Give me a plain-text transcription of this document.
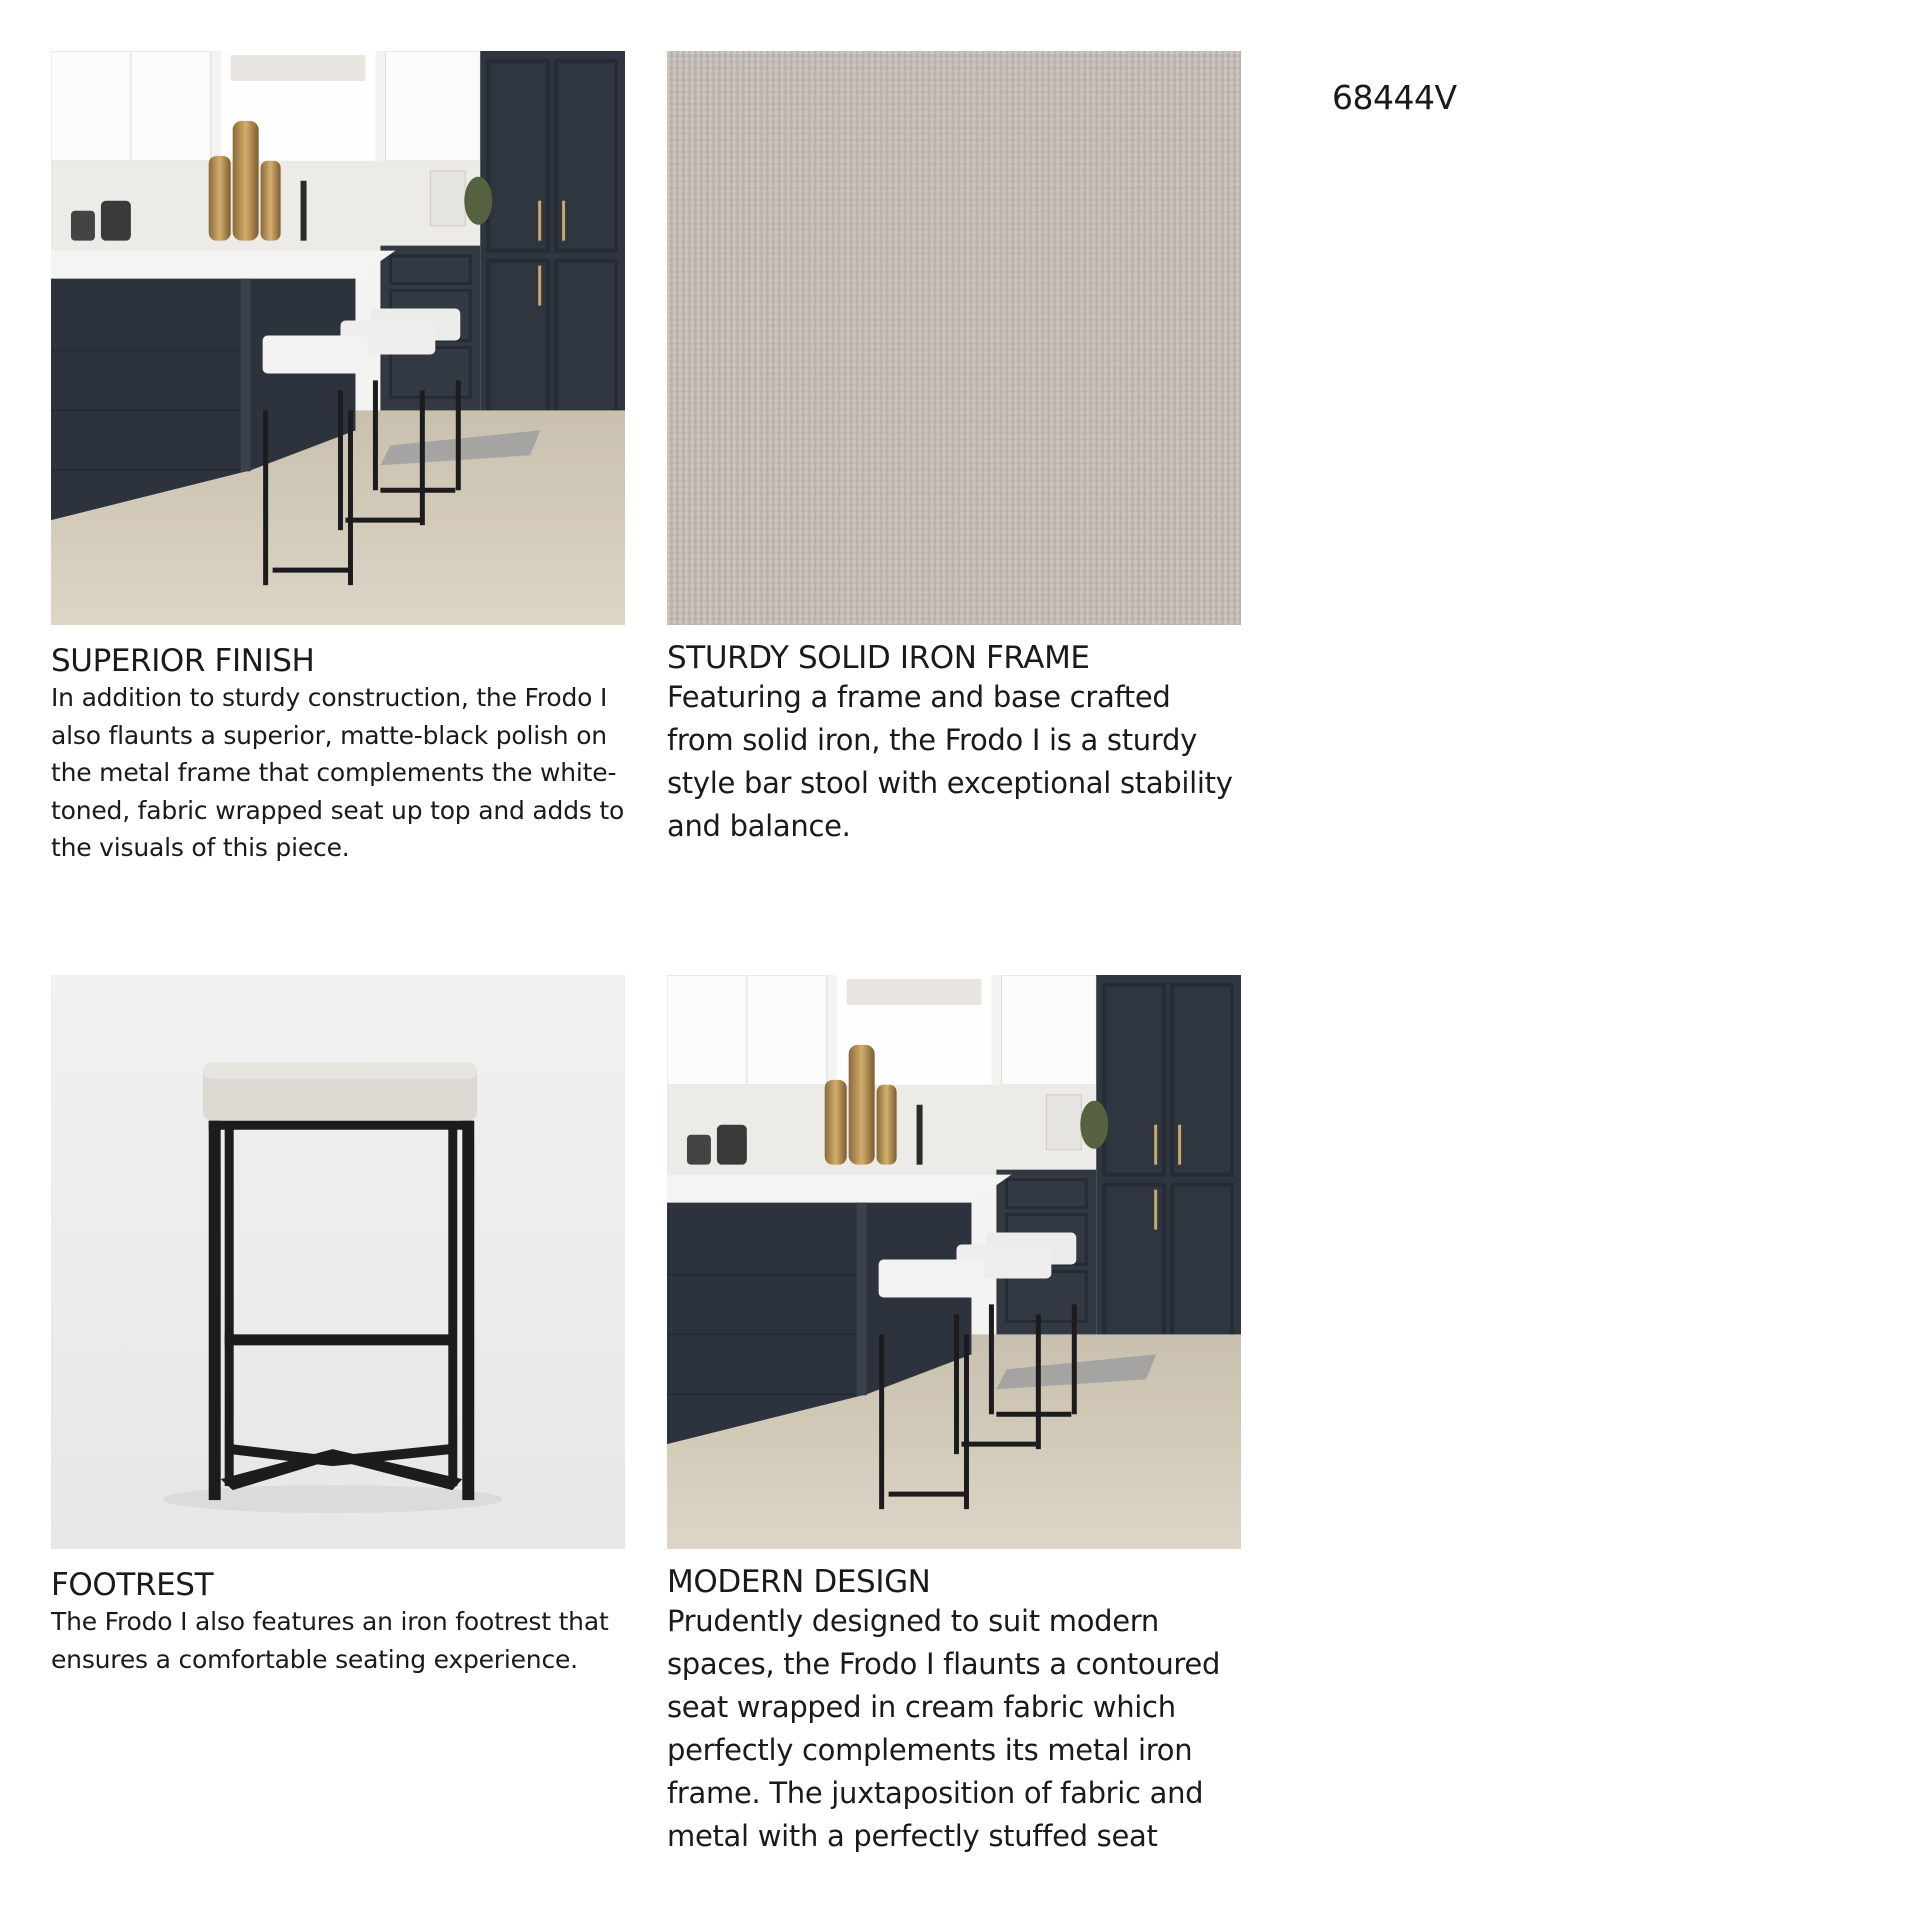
SUPERIOR FINISH

In addition to sturdy construction, the Frodo I also flaunts a superior, matte-black polish on the metal frame that complements the white-toned, fabric wrapped seat up top and adds to the visuals of this piece.

STURDY SOLID IRON FRAME

Featuring a frame and base crafted from solid iron, the Frodo I is a sturdy style bar stool with exceptional stability and balance.

68444V
FOOTREST

The Frodo I also features an iron footrest that ensures a comfortable seating experience.

MODERN DESIGN

Prudently designed to suit modern spaces, the Frodo I flaunts a contoured seat wrapped in cream fabric which perfectly complements its metal iron frame. The juxtaposition of fabric and metal with a perfectly stuffed seat
